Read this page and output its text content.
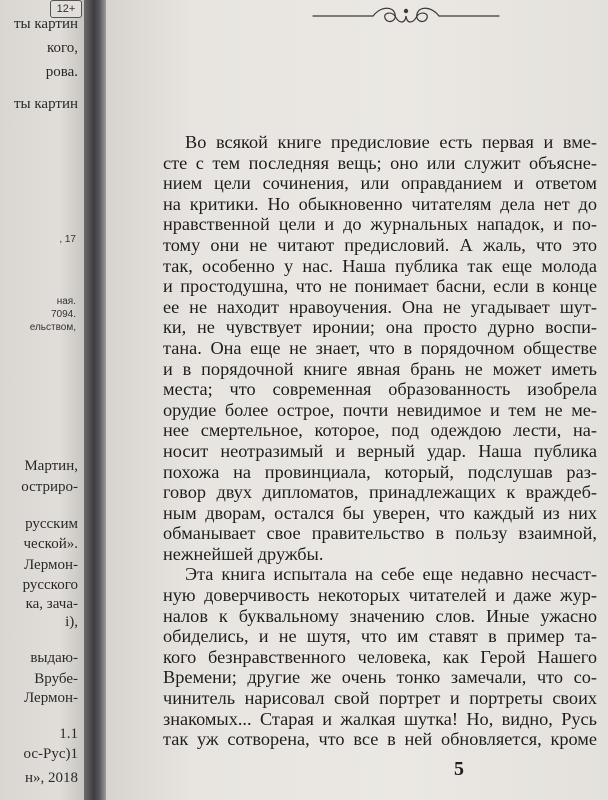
12+
ты картин
кого,
рова.
ты картин
, 17
ная.
7094.
ельством,
Мартин,
остриро-
русским
ческой».
Лермон-
русского
ка, зача-
i),
выдаю-
Врубе-
Лермон-
1.1
ос-Рус)1
н», 2018

Во всякой книге предисловие есть первая и вме-
сте с тем последняя вещь; оно или служит объясне-
нием цели сочинения, или оправданием и ответом
на критики. Но обыкновенно читателям дела нет до
нравственной цели и до журнальных нападок, и по-
тому они не читают предисловий. А жаль, что это
так, особенно у нас. Наша публика так еще молода
и простодушна, что не понимает басни, если в конце
ее не находит нравоучения. Она не угадывает шут-
ки, не чувствует иронии; она просто дурно воспи-
тана. Она еще не знает, что в порядочном обществе
и в порядочной книге явная брань не может иметь
места; что современная образованность изобрела
орудие более острое, почти невидимое и тем не ме-
нее смертельное, которое, под одеждою лести, на-
носит неотразимый и верный удар. Наша публика
похожа на провинциала, который, подслушав раз-
говор двух дипломатов, принадлежащих к враждеб-
ным дворам, остался бы уверен, что каждый из них
обманывает свое правительство в пользу взаимной,
нежнейшей дружбы.
Эта книга испытала на себе еще недавно несчаст-
ную доверчивость некоторых читателей и даже жур-
налов к буквальному значению слов. Иные ужасно
обиделись, и не шутя, что им ставят в пример та-
кого безнравственного человека, как Герой Нашего
Времени; другие же очень тонко замечали, что со-
чинитель нарисовал свой портрет и портреты своих
знакомых... Старая и жалкая шутка! Но, видно, Русь
так уж сотворена, что все в ней обновляется, кроме
5
